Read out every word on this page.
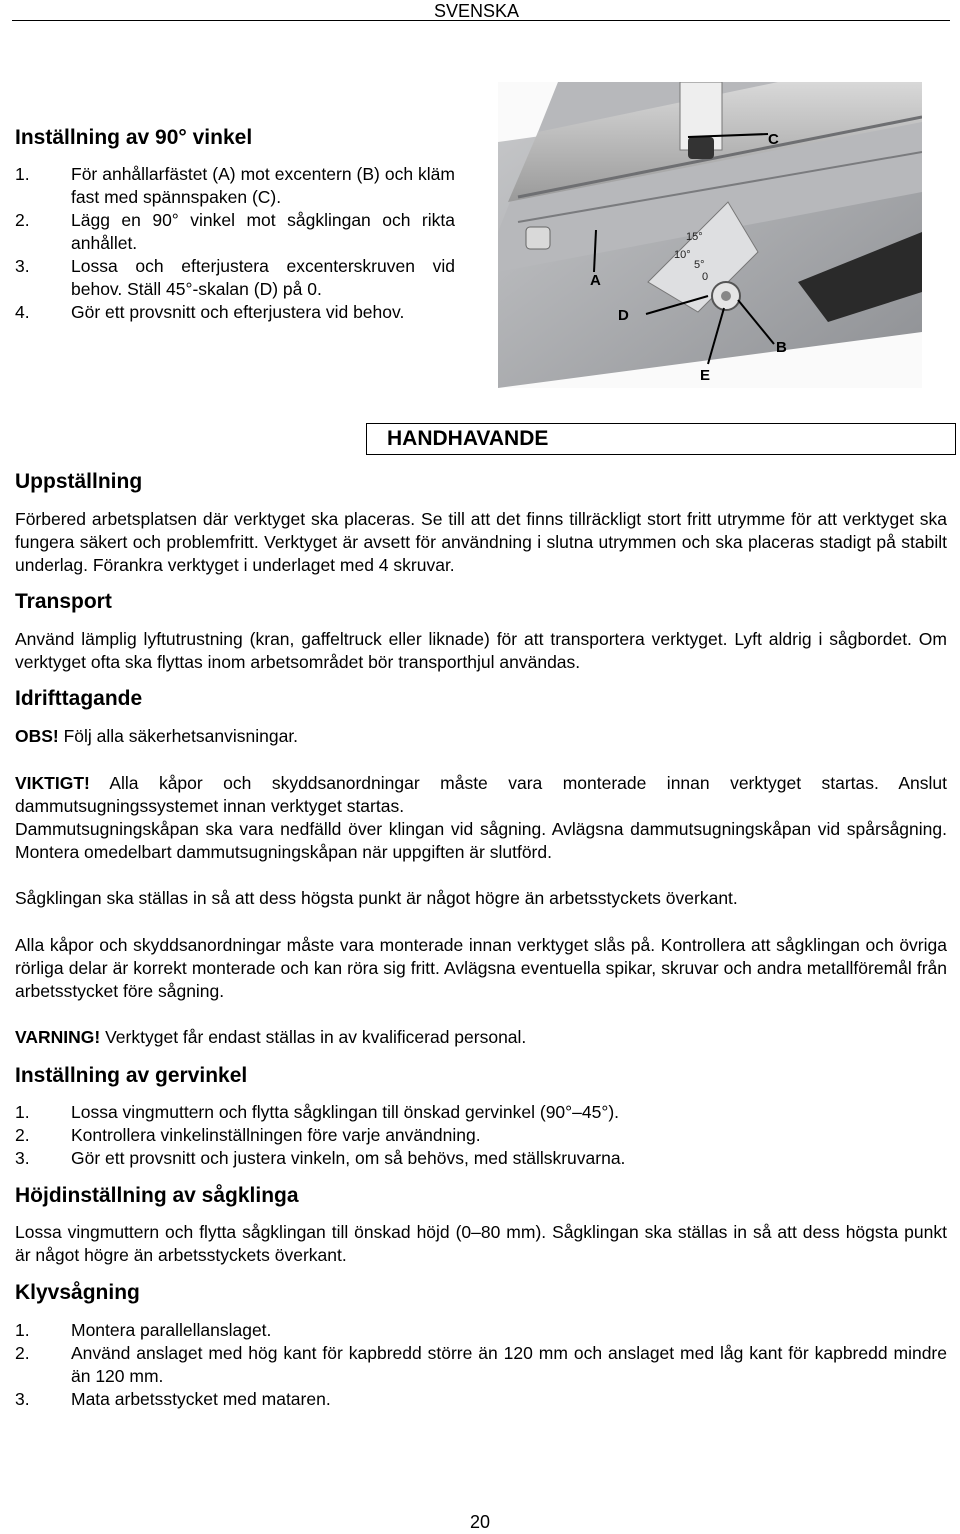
SVENSKA
Inställning av 90° vinkel
1. För anhållarfästet (A) mot excentern (B) och kläm fast med spännspaken (C).
2. Lägg en 90° vinkel mot sågklingan och rikta anhållet.
3. Lossa och efterjustera excenterskruven vid behov. Ställ 45°-skalan (D) på 0.
4. Gör ett provsnitt och efterjustera vid behov.
15°
10°
5°
0
A
C
D
B
E
HANDHAVANDE
Uppställning
Förbered arbetsplatsen där verktyget ska placeras. Se till att det finns tillräckligt stort fritt utrymme för att verktyget ska fungera säkert och problemfritt. Verktyget är avsett för användning i slutna utrymmen och ska placeras stadigt på stabilt underlag. Förankra verktyget i underlaget med 4 skruvar.
Transport
Använd lämplig lyftutrustning (kran, gaffeltruck eller liknade) för att transportera verktyget. Lyft aldrig i sågbordet. Om verktyget ofta ska flyttas inom arbetsområdet bör transporthjul användas.
Idrifttagande
OBS! Följ alla säkerhetsanvisningar.
VIKTIGT! Alla kåpor och skyddsanordningar måste vara monterade innan verktyget startas. Anslut dammutsugningssystemet innan verktyget startas.
Dammutsugningskåpan ska vara nedfälld över klingan vid sågning. Avlägsna dammutsugningskåpan vid spårsågning. Montera omedelbart dammutsugningskåpan när uppgiften är slutförd.
Sågklingan ska ställas in så att dess högsta punkt är något högre än arbetsstyckets överkant.
Alla kåpor och skyddsanordningar måste vara monterade innan verktyget slås på. Kontrollera att sågklingan och övriga rörliga delar är korrekt monterade och kan röra sig fritt. Avlägsna eventuella spikar, skruvar och andra metallföremål från arbetsstycket före sågning.
VARNING! Verktyget får endast ställas in av kvalificerad personal.
Inställning av gervinkel
1. Lossa vingmuttern och flytta sågklingan till önskad gervinkel (90°–45°).
2. Kontrollera vinkelinställningen före varje användning.
3. Gör ett provsnitt och justera vinkeln, om så behövs, med ställskruvarna.
Höjdinställning av sågklinga
Lossa vingmuttern och flytta sågklingan till önskad höjd (0–80 mm). Sågklingan ska ställas in så att dess högsta punkt är något högre än arbetsstyckets överkant.
Klyvsågning
1. Montera parallellanslaget.
2. Använd anslaget med hög kant för kapbredd större än 120 mm och anslaget med låg kant för kapbredd mindre än 120 mm.
3. Mata arbetsstycket med mataren.
20
